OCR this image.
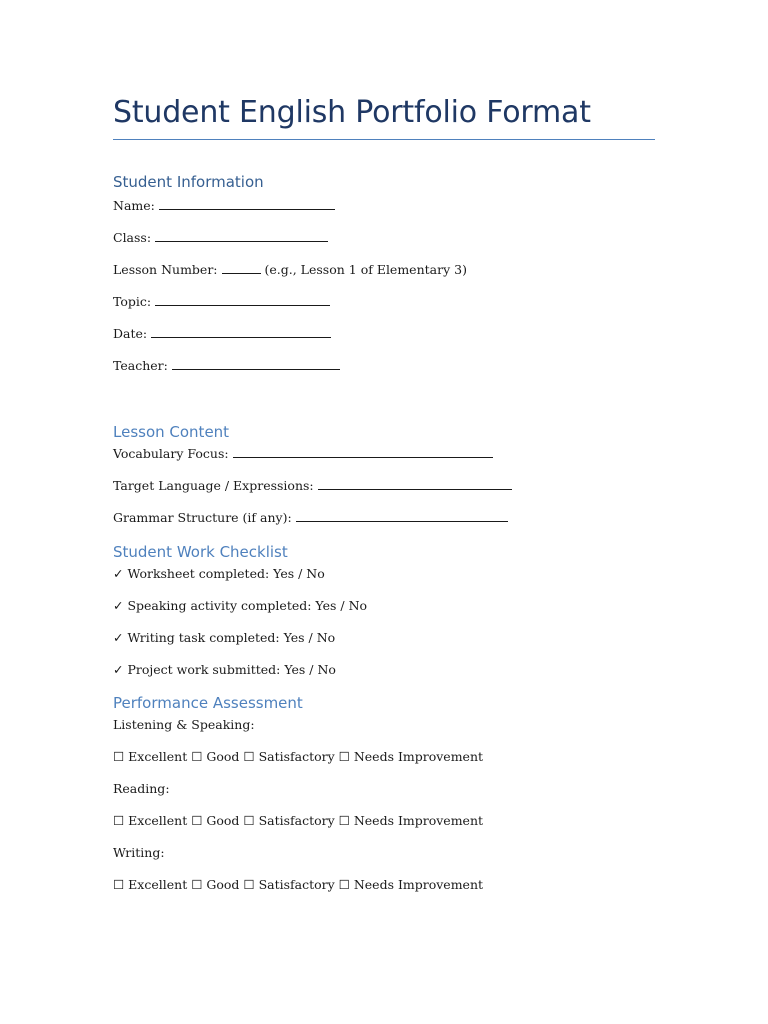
Student English Portfolio Format
Student Information
Name:
Class:
Lesson Number:	(e.g., Lesson 1 of Elementary 3)
Topic:
Date:
Teacher:
Lesson Content
Vocabulary Focus:
Target Language / Expressions:
Grammar Structure (if any):
Student Work Checklist
✓ Worksheet completed: Yes / No
✓ Speaking activity completed: Yes / No
✓ Writing task completed: Yes / No
✓ Project work submitted: Yes / No
Performance Assessment
Listening & Speaking:
☐ Excellent ☐ Good ☐ Satisfactory ☐ Needs Improvement
Reading:
☐ Excellent ☐ Good ☐ Satisfactory ☐ Needs Improvement
Writing:
☐ Excellent ☐ Good ☐ Satisfactory ☐ Needs Improvement
